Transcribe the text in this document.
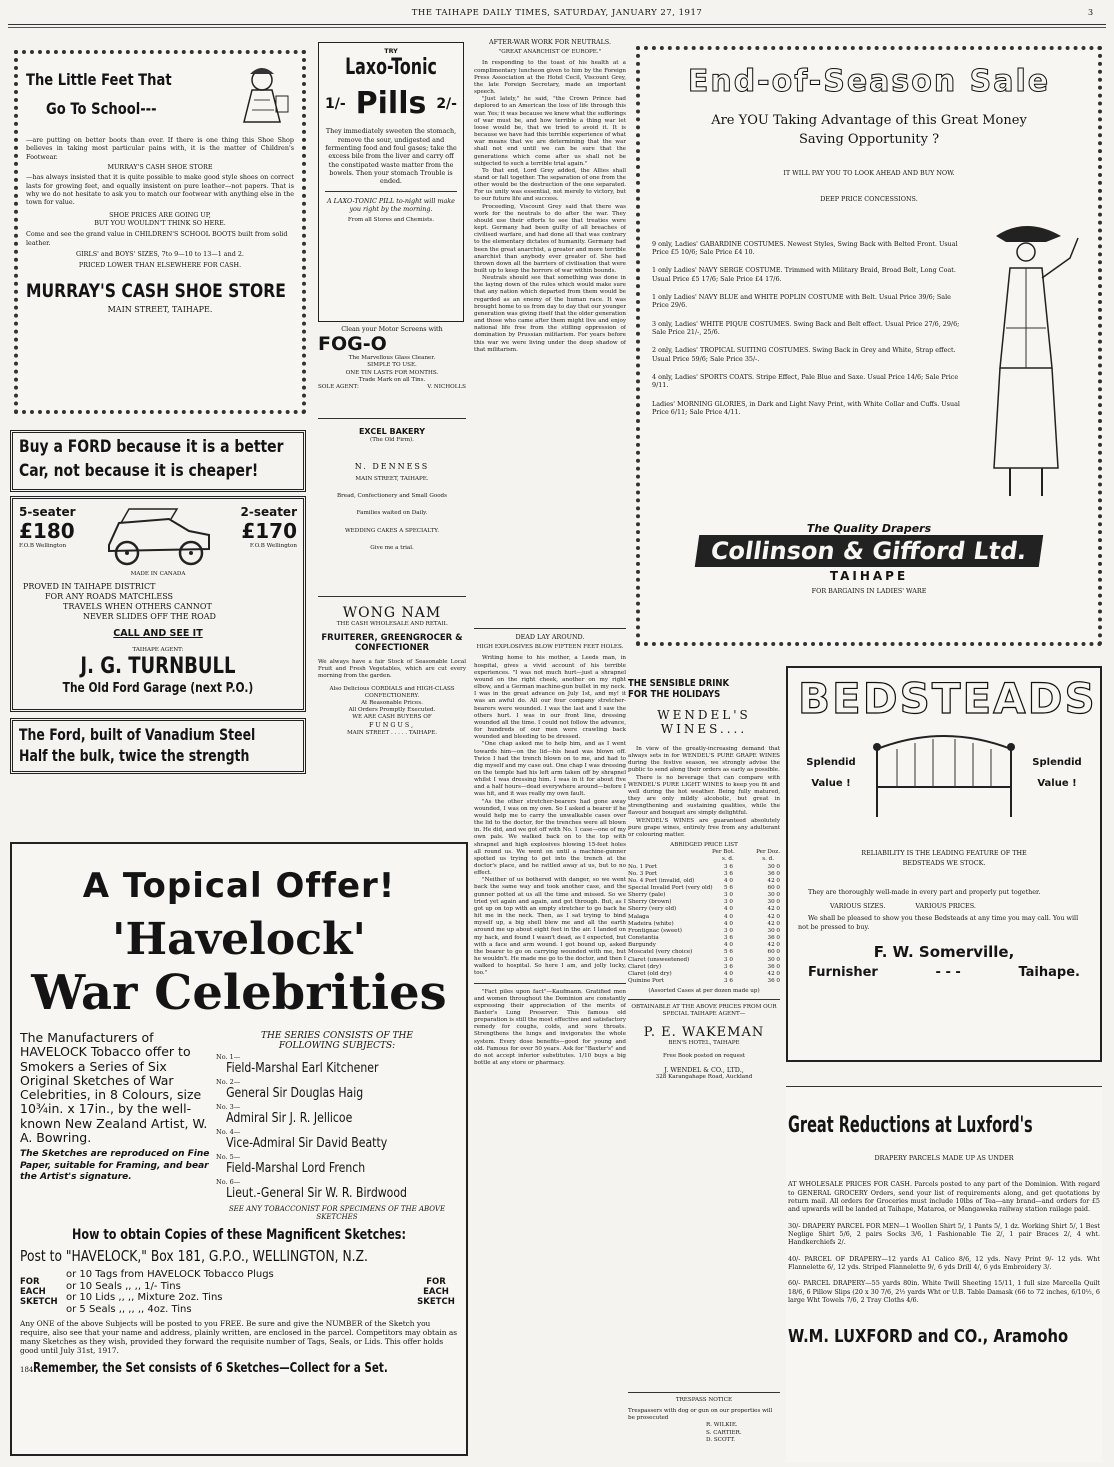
THE TAIHAPE DAILY TIMES, SATURDAY, JANUARY 27, 1917	3
The Little Feet That
Go To School---

—are putting on better boots than ever. If there is one thing this Shoe Shop believes in taking most particular pains with, it is the matter of Children's Footwear.

MURRAY'S CASH SHOE STORE

—has always insisted that it is quite possible to make good style shoes on correct lasts for growing feet, and equally insistent on pure leather—not papers. That is why we do not hesitate to ask you to match our footwear with anything else in the town for value.

SHOE PRICES ARE GOING UP,

BUT YOU WOULDN'T THINK SO HERE.

Come and see the grand value in CHILDREN'S SCHOOL BOOTS built from solid leather.

GIRLS' and BOYS' SIZES, 7to 9—10 to 13—1 and 2.

PRICED LOWER THAN ELSEWHERE FOR CASH.

MURRAY'S CASH SHOE STORE

MAIN STREET, TAIHAPE.

TRY

Laxo-Tonic
1/- Pills 2/-

They immediately sweeten the stomach, remove the sour, undigested and fermenting food and foul gases; take the excess bile from the liver and carry off the constipated waste matter from the bowels. Then your stomach Trouble is ended.

A LAXO-TONIC PILL to-night will make you right by the morning.

From all Stores and Chemists.

Clean your Motor Screens with

FOG-O

The Marvellous Glass Cleaner.

SIMPLE TO USE.

ONE TIN LASTS FOR MONTHS.

Trade Mark on all Tins.

SOLE AGENT:	V. NICHOLLS

EXCEL BAKERY

(The Old Firm).

N. DENNESS

MAIN STREET, TAIHAPE.

Bread, Confectionery and Small Goods

Families waited on Daily.

WEDDING CAKES A SPECIALTY.

Give me a trial.

WONG NAM

THE CASH WHOLESALE AND RETAIL

FRUITERER, GREENGROCER & CONFECTIONER

We always have a fair Stock of Seasonable Local Fruit and Fresh Vegetables, which are cut every morning from the garden.

Also Delicious CORDIALS and HIGH-CLASS CONFECTIONERY.

At Reasonable Prices.

All Orders Promptly Executed.

WE ARE CASH BUYERS OF

FUNGUS,

MAIN STREET . . . . . TAIHAPE.

Buy a FORD because it is a better
Car, not because it is cheaper!
5-seater
£180
F.O.B Wellington
2-seater
£170
F.O.B Wellington

MADE IN CANADA

PROVED IN TAIHAPE DISTRICT

FOR ANY ROADS MATCHLESS

TRAVELS WHEN OTHERS CANNOT

NEVER SLIDES OFF THE ROAD

CALL AND SEE IT

TAIHAPE AGENT:

J. G. TURNBULL
The Old Ford Garage (next P.O.)
The Ford, built of Vanadium Steel
Half the bulk, twice the strength

AFTER-WAR WORK FOR NEUTRALS.

"GREAT ANARCHIST OF EUROPE."

In responding to the toast of his health at a complimentary luncheon given to him by the Foreign Press Association at the Hotel Cecil, Viscount Grey, the late Foreign Secretary, made an important speech.

"Just lately," he said, "the Crown Prince had deplored to an American the loss of life through this war. Yes; it was because we knew what the sufferings of war must be, and how terrible a thing war let loose would be, that we tried to avoid it. It is because we have had this terrible experience of what war means that we are determining that the war shall not end until we can be sure that the generations which come after us shall not be subjected to such a terrible trial again."

To that end, Lord Grey added, the Allies shall stand or fall together. The separation of one from the other would be the destruction of the one separated. For us unity was essential, not merely to victory, but to our future life and success.

Proceeding, Viscount Grey said that there was work for the neutrals to do after the war. They should use their efforts to see that treaties were kept. Germany had been guilty of all breaches of civilised warfare, and had done all that was contrary to the elementary dictates of humanity. Germany had been the great anarchist, a greater and more terrible anarchist than anybody ever greater of. She had thrown down all the barriers of civilisation that were built up to keep the horrors of war within bounds.

Neutrals should see that something was done in the laying down of the rules which would make sure that any nation which departed from them would be regarded as an enemy of the human race. It was brought home to us from day to day that our younger generation was giving itself that the older generation and those who came after them might live and enjoy national life free from the stifling oppression of domination by Prussian militarism. For years before this war we were living under the deep shadow of that militarism.

DEAD LAY AROUND.

HIGH EXPLOSIVES BLOW FIFTEEN FEET HOLES.

Writing home to his mother, a Leeds man, in hospital, gives a vivid account of his terrible experiences. "I was not much hurt—just a shrapnel wound on the right cheek, another on my right elbow, and a German machine-gun bullet in my neck. I was in the great advance on July 1st, and my! it was an awful do. All our four company stretcher-bearers were wounded. I was the last and I saw the others hurt. I was in our front line, dressing wounded all the time. I could not follow the advance, for hundreds of our men were crawling back wounded and bleeding to be dressed.

"One chap asked me to help him, and as I went towards him—on the lid—his head was blown off. Twice I had the trench blown on to me, and had to dig myself and my case out. One chap I was dressing on the temple had his left arm taken off by shrapnel whilst I was dressing him. I was in it for about five and a half hours—dead everywhere around—before I was hit, and it was really my own fault.

"As the other stretcher-bearers had gone away wounded, I was on my own. So I asked a bearer if he would help me to carry the unwalkable cases over the lid to the doctor, for the trenches were all blown in. He did, and we got off with No. 1 case—one of my own pals. We walked back on to the top with shrapnel and high explosives blowing 15-feet holes all round us. We went on until a machine-gunner spotted us trying to get into the trench at the doctor's place, and he rattled away at us, but to no effect.

"Neither of us bothered with danger, so we went back the same way and took another case, and the gunner potted at us all the time and missed. So we tried yet again and again, and got through. But, as I got up on top with an empty stretcher to go back he hit me in the neck. Then, as I sat trying to bind myself up, a big shell blew me and all the earth around me up about eight feet in the air. I landed on my back, and found I wasn't dead, as I expected, but with a face and arm wound. I got bound up, asked the bearer to go on carrying wounded with me, but he wouldn't. He made me go to the doctor, and then I walked to hospital. So here I am, and jolly lucky, too."

"Fact piles upon fact"—Kaufmann. Gratified men and women throughout the Dominion are constantly expressing their appreciation of the merits of Baxter's Lung Preserver. This famous old preparation is still the most effective and satisfactory remedy for coughs, colds, and sore throats. Strengthens the lungs and invigorates the whole system. Every dose benefits—good for young and old. Famous for over 50 years. Ask for "Baxter's" and do not accept inferior substitutes. 1/10 buys a big bottle at any store or pharmacy.

End-of-Season Sale

Are YOU Taking Advantage of this Great Money

Saving Opportunity ?

IT WILL PAY YOU TO LOOK AHEAD AND BUY NOW.

DEEP PRICE CONCESSIONS.

9 only, Ladies' GABARDINE COSTUMES. Newest Styles, Swing Back with Belted Front. Usual Price £5 10/6; Sale Price £4 10.

1 only Ladies' NAVY SERGE COSTUME. Trimmed with Military Braid, Broad Belt, Long Coat. Usual Price £5 17/6; Sale Price £4 17/6.

1 only Ladies' NAVY BLUE and WHITE POPLIN COSTUME with Belt. Usual Price 39/6; Sale Price 29/6.

3 only, Ladies' WHITE PIQUE COSTUMES. Swing Back and Belt effect. Usual Price 27/6, 29/6; Sale Price 21/-, 25/6.

2 only, Ladies' TROPICAL SUITING COSTUMES. Swing Back in Grey and White, Strap effect. Usual Price 59/6; Sale Price 35/-.

4 only, Ladies' SPORTS COATS. Stripe Effect, Pale Blue and Saxe. Usual Price 14/6; Sale Price 9/11.

Ladies' MORNING GLORIES, in Dark and Light Navy Print, with White Collar and Cuffs. Usual Price 6/11; Sale Price 4/11.

The Quality Drapers

Collinson & Gifford Ltd.

TAIHAPE

FOR BARGAINS IN LADIES' WARE

THE SENSIBLE DRINK
FOR THE HOLIDAYS

WENDEL'S

WINES....

In view of the greatly-increasing demand that always sets in for WENDEL'S PURE GRAPE WINES during the festive season, we strongly advise the public to send along their orders as early as possible.

There is no beverage that can compare with WENDEL'S PURE LIGHT WINES to keep you fit and well during the hot weather. Being fully matured, they are only mildly alcoholic, but great in strengthening and sustaining qualities, while the flavour and bouquet are simply delightful.

WENDEL'S WINES are guaranteed absolutely pure grape wines, entirely free from any adulterant or colouring matter.

ABRIDGED PRICE LIST

Per Bot.	Per Doz.
s. d.	s. d.
No. 1 Port	3 6	30 0
No. 3 Port	3 6	36 0
No. 4 Port (invalid, old)	4 0	42 0
Special Invalid Port (very old)	5 6	60 0
Sherry (pale)	3 0	30 0
Sherry (brown)	3 0	30 0
Sherry (very old)	4 0	42 0
Malaga	4 0	42 0
Madeira (white)	4 0	42 0
Frontignac (sweet)	3 0	30 0
Constantia	3 6	36 0
Burgundy	4 0	42 0
Moscatel (very choice)	5 6	60 0
Claret (unsweetened)	3 0	30 0
Claret (dry)	3 6	36 0
Claret (old dry)	4 0	42 0
Quinine Port	3 6	36 0

(Assorted Cases at per dozen made up)

OBTAINABLE AT THE ABOVE PRICES FROM OUR SPECIAL TAIHAPE AGENT—

P. E. WAKEMAN

BEN'S HOTEL, TAIHAPE

Free Book posted on request

J. WENDEL & CO., LTD.,

328 Karangahape Road, Auckland

TRESPASS NOTICE

Trespassers with dog or gun on our properties will be prosecuted

R. WILKIE.

S. CARTIER.

D. SCOTT.

BEDSTEADS

Splendid

Value !

Splendid

Value !

RELIABILITY IS THE LEADING FEATURE OF THE

BEDSTEADS WE STOCK.

They are thoroughly well-made in every part and properly put together.

VARIOUS SIZES.	VARIOUS PRICES.

We shall be pleased to show you these Bedsteads at any time you may call. You will not be pressed to buy.

F. W. Somerville,

Furnisher	- - -	Taihape.
Great Reductions at Luxford's

DRAPERY PARCELS MADE UP AS UNDER

AT WHOLESALE PRICES FOR CASH. Parcels posted to any part of the Dominion. With regard to GENERAL GROCERY Orders, send your list of requirements along, and get quotations by return mail. All orders for Groceries must include 10lbs of Tea—any brand—and orders for £5 and upwards will be landed at Taihape, Mataroa, or Mangaweka railway station railage paid.

30/- DRAPERY PARCEL FOR MEN—1 Woollen Shirt 5/, 1 Pants 5/, 1 dz. Working Shirt 5/, 1 Best Neglige Shirt 5/6, 2 pairs Socks 3/6, 1 Fashionable Tie 2/, 1 pair Braces 2/, 4 wht. Handkerchiefs 2/.

40/- PARCEL OF DRAPERY—12 yards A1 Calico 8/6, 12 yds. Navy Print 9/- 12 yds. Wht Flannelette 6/, 12 yds. Striped Flannelette 9/, 6 yds Drill 4/, 6 yds Embroidery 3/.

60/- PARCEL DRAPERY—55 yards 80in. White Twill Sheeting 15/11, 1 full size Marcella Quilt 18/6, 6 Pillow Slips (20 x 30 7/6, 2½ yards Wht or U.B. Table Damask (66 to 72 inches, 6/10½, 6 large Wht Towels 7/6, 2 Tray Cloths 4/6.

W.M. LUXFORD and CO., Aramoho
A Topical Offer!
'Havelock'
War Celebrities

The Manufacturers of HAVELOCK Tobacco offer to Smokers a Series of Six Original Sketches of War Celebrities, in 8 Colours, size 10¾in. x 17in., by the well-known New Zealand Artist, W. A. Bowring.

The Sketches are reproduced on Fine Paper, suitable for Framing, and bear the Artist's signature.

THE SERIES CONSISTS OF THE

FOLLOWING SUBJECTS:

No. 1—
Field-Marshal Earl Kitchener
No. 2—
General Sir Douglas Haig
No. 3—
Admiral Sir J. R. Jellicoe
No. 4—
Vice-Admiral Sir David Beatty
No. 5—
Field-Marshal Lord French
No. 6—
Lieut.-General Sir W. R. Birdwood

SEE ANY TOBACCONIST FOR SPECIMENS OF THE ABOVE SKETCHES

How to obtain Copies of these Magnificent Sketches:
Post to "HAVELOCK," Box 181, G.P.O., WELLINGTON, N.Z.

FOR EACH SKETCH

or 10 Tags from HAVELOCK Tobacco Plugs

or 10 Seals ,, ,, 1/- Tins

or 10 Lids ,, ,, Mixture 2oz. Tins

or 5 Seals ,, ,, ,, 4oz. Tins

FOR EACH SKETCH

Any ONE of the above Subjects will be posted to you FREE. Be sure and give the NUMBER of the Sketch you require, also see that your name and address, plainly written, are enclosed in the parcel. Competitors may obtain as many Sketches as they wish, provided they forward the requisite number of Tags, Seals, or Lids. This offer holds good until July 31st, 1917.

184 Remember, the Set consists of 6 Sketches—Collect for a Set.
